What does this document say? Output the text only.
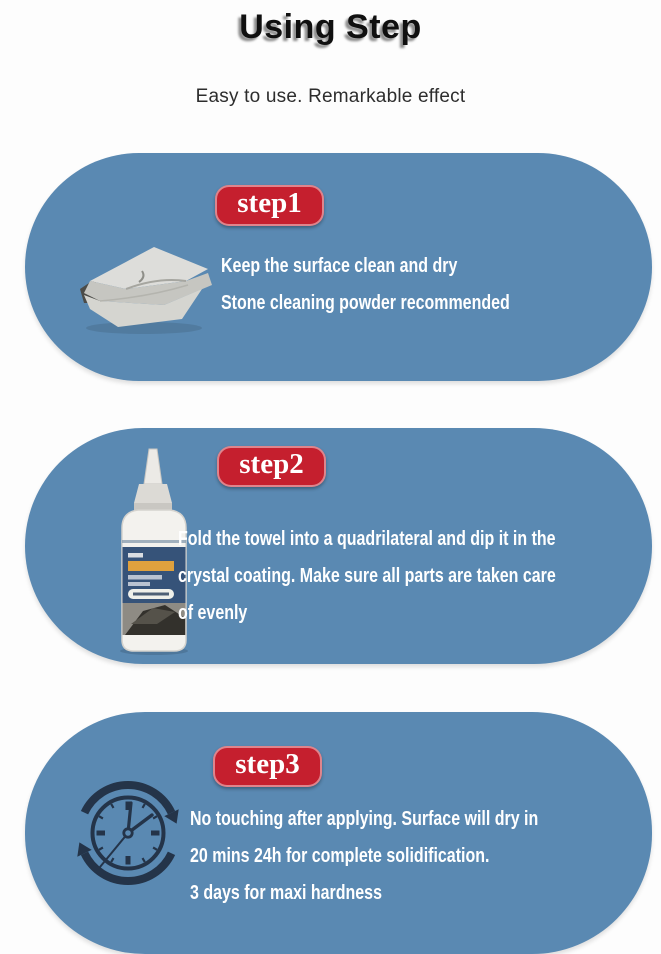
Using Step
Easy to use. Remarkable effect
step1
Keep the surface clean and dry
Stone cleaning powder recommended
step2
Fold the towel into a quadrilateral and dip it in the
crystal coating. Make sure all parts are taken care
of evenly
step3
No touching after applying. Surface will dry in
20 mins 24h for complete solidification.
3 days for maxi hardness
